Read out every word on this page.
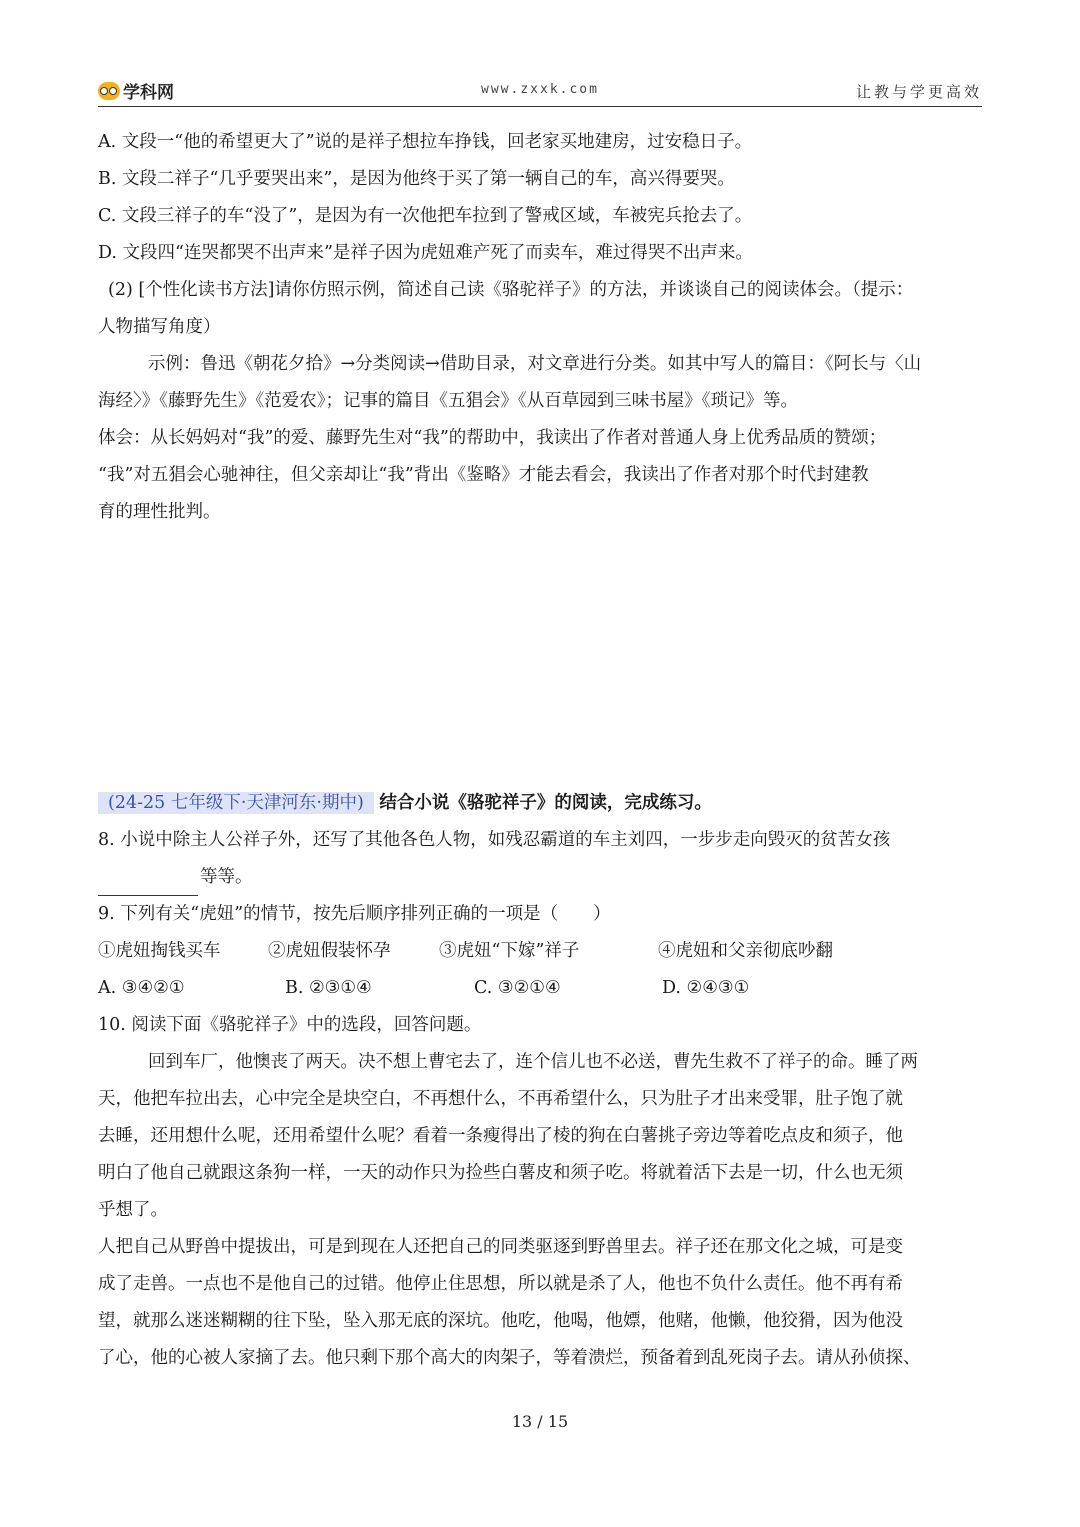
学科网	www.zxxk.com	让教与学更高效
A. 文段一“他的希望更大了”说的是祥子想拉车挣钱，回老家买地建房，过安稳日子。
B. 文段二祥子“几乎要哭出来”，是因为他终于买了第一辆自己的车，高兴得要哭。
C. 文段三祥子的车“没了”，是因为有一次他把车拉到了警戒区域，车被宪兵抢去了。
D. 文段四“连哭都哭不出声来”是祥子因为虎妞难产死了而卖车，难过得哭不出声来。
(2) [个性化读书方法]请你仿照示例，简述自己读《骆驼祥子》的方法，并谈谈自己的阅读体会。（提示：
人物描写角度）
示例：鲁迅《朝花夕拾》→分类阅读→借助目录，对文章进行分类。如其中写人的篇目：《阿长与〈山
海经〉》《藤野先生》《范爱农》；记事的篇目《五猖会》《从百草园到三味书屋》《琐记》等。
体会：从长妈妈对“我”的爱、藤野先生对“我”的帮助中，我读出了作者对普通人身上优秀品质的赞颂；
“我”对五猖会心驰神往，但父亲却让“我”背出《鉴略》才能去看会，我读出了作者对那个时代封建教
育的理性批判。
(24-25 七年级下·天津河东·期中) 结合小说《骆驼祥子》的阅读，完成练习。
8. 小说中除主人公祥子外，还写了其他各色人物，如残忍霸道的车主刘四，一步步走向毁灭的贫苦女孩
等等。
9. 下列有关“虎妞”的情节，按先后顺序排列正确的一项是（　　）
①虎妞掏钱买车	②虎妞假装怀孕	③虎妞“下嫁”祥子	④虎妞和父亲彻底吵翻
A. ③④②①	B. ②③①④	C. ③②①④	D. ②④③①
10. 阅读下面《骆驼祥子》中的选段，回答问题。
回到车厂，他懊丧了两天。决不想上曹宅去了，连个信儿也不必送，曹先生救不了祥子的命。睡了两
天，他把车拉出去，心中完全是块空白，不再想什么，不再希望什么，只为肚子才出来受罪，肚子饱了就
去睡，还用想什么呢，还用希望什么呢？看着一条瘦得出了棱的狗在白薯挑子旁边等着吃点皮和须子，他
明白了他自己就跟这条狗一样，一天的动作只为捡些白薯皮和须子吃。将就着活下去是一切，什么也无须
乎想了。
人把自己从野兽中提拔出，可是到现在人还把自己的同类驱逐到野兽里去。祥子还在那文化之城，可是变
成了走兽。一点也不是他自己的过错。他停止住思想，所以就是杀了人，他也不负什么责任。他不再有希
望，就那么迷迷糊糊的往下坠，坠入那无底的深坑。他吃，他喝，他嫖，他赌，他懒，他狡猾，因为他没
了心，他的心被人家摘了去。他只剩下那个高大的肉架子，等着溃烂，预备着到乱死岗子去。请从孙侦探、
13 / 15
